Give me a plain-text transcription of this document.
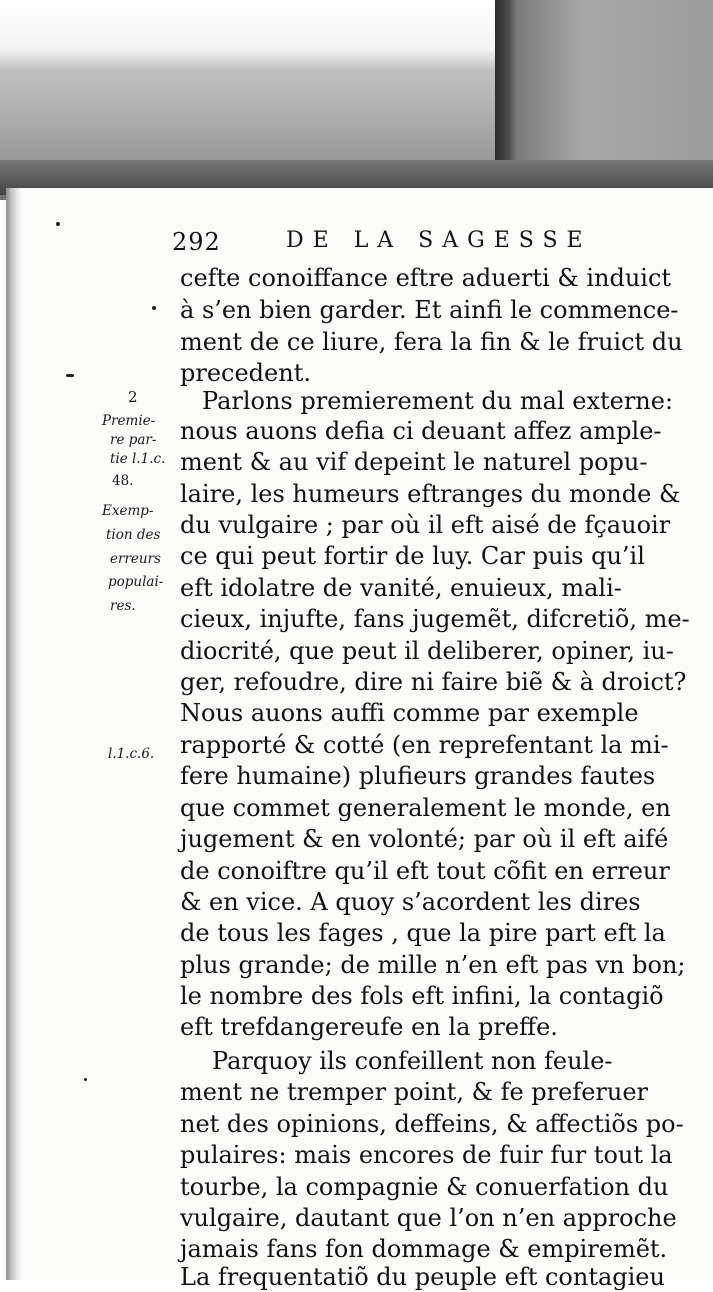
292	DE LA SAGESSE
2
Premie-
re par-
tie l.1.c.
48.
Exemp-
tion des
erreurs
populai-
res.
l.1.c.6.
cefte conoiffance eftre aduerti & induict
à s’en bien garder. Et ainfi le commence-
ment de ce liure, fera la fin & le fruict du
precedent.
Parlons premierement du mal externe:
nous auons defia ci deuant affez ample-
ment & au vif depeint le naturel popu-
laire, les humeurs eftranges du monde &
du vulgaire ; par où il eft aisé de fçauoir
ce qui peut fortir de luy. Car puis qu’il
eft idolatre de vanité, enuieux, mali-
cieux, injufte, fans jugemẽt, difcretiõ, me-
diocrité, que peut il deliberer, opiner, iu-
ger, refoudre, dire ni faire biẽ & à droict?
Nous auons auffi comme par exemple
rapporté & cotté (en reprefentant la mi-
fere humaine) plufieurs grandes fautes
que commet generalement le monde, en
jugement & en volonté; par où il eft aifé
de conoiftre qu’il eft tout cõfit en erreur
& en vice. A quoy s’acordent les dires
de tous les fages , que la pire part eft la
plus grande; de mille n’en eft pas vn bon;
le nombre des fols eft infini, la contagiõ
eft trefdangereufe en la preffe.
Parquoy ils confeillent non feule-
ment ne tremper point, & fe preferuer
net des opinions, deffeins, & affectiõs po-
pulaires: mais encores de fuir fur tout la
tourbe, la compagnie & conuerfation du
vulgaire, dautant que l’on n’en approche
jamais fans fon dommage & empiremẽt.
La frequentatiõ du peuple eft contagieu
